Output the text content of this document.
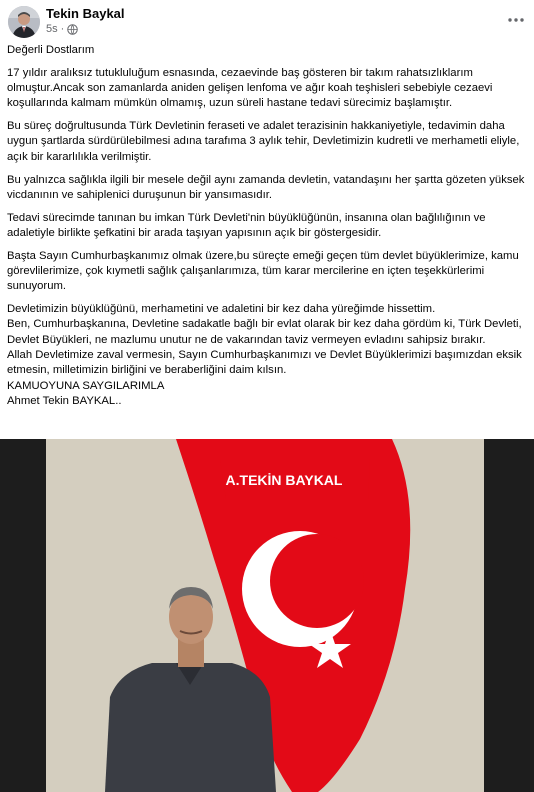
Tekin Baykal
5s ·

Değerli Dostlarım

17 yıldır aralıksız tutukluluğum esnasında, cezaevinde baş gösteren bir takım rahatsızlıklarım olmuştur.Ancak son zamanlarda aniden gelişen lenfoma ve ağır koah teşhisleri sebebiyle cezaevi koşullarında kalmam mümkün olmamış, uzun süreli hastane tedavi sürecimiz başlamıştır.

Bu süreç doğrultusunda Türk Devletinin feraseti ve adalet terazisinin hakkaniyetiyle, tedavimin daha uygun şartlarda sürdürülebilmesi adına tarafıma 3 aylık tehir, Devletimizin kudretli ve merhametli eliyle, açık bir kararlılıkla verilmiştir.

Bu yalnızca sağlıkla ilgili bir mesele değil aynı zamanda devletin, vatandaşını her şartta gözeten yüksek vicdanının ve sahiplenici duruşunun bir yansımasıdır.

Tedavi sürecimde tanınan bu imkan Türk Devleti'nin büyüklüğünün, insanına olan bağlılığının ve adaletiyle birlikte şefkatini bir arada taşıyan yapısının açık bir göstergesidir.

Başta Sayın Cumhurbaşkanımız olmak üzere,bu süreçte emeği geçen tüm devlet büyüklerimize, kamu görevlilerimize, çok kıymetli sağlık çalışanlarımıza, tüm karar mercilerine en içten teşekkürlerimi sunuyorum.

Devletimizin büyüklüğünü, merhametini ve adaletini bir kez daha yüreğimde hissettim.

Ben, Cumhurbaşkanına, Devletine sadakatle bağlı bir evlat olarak bir kez daha gördüm ki, Türk Devleti, Devlet Büyükleri, ne mazlumu unutur ne de vakarından taviz vermeyen evladını sahipsiz bırakır.

Allah Devletimize zaval vermesin, Sayın Cumhurbaşkanımızı ve Devlet Büyüklerimizi başımızdan eksik etmesin, milletimizin birliğini ve beraberliğini daim kılsın.

KAMUOYUNA SAYGILARIMLA

Ahmet Tekin BAYKAL..

A.TEKİN BAYKAL
